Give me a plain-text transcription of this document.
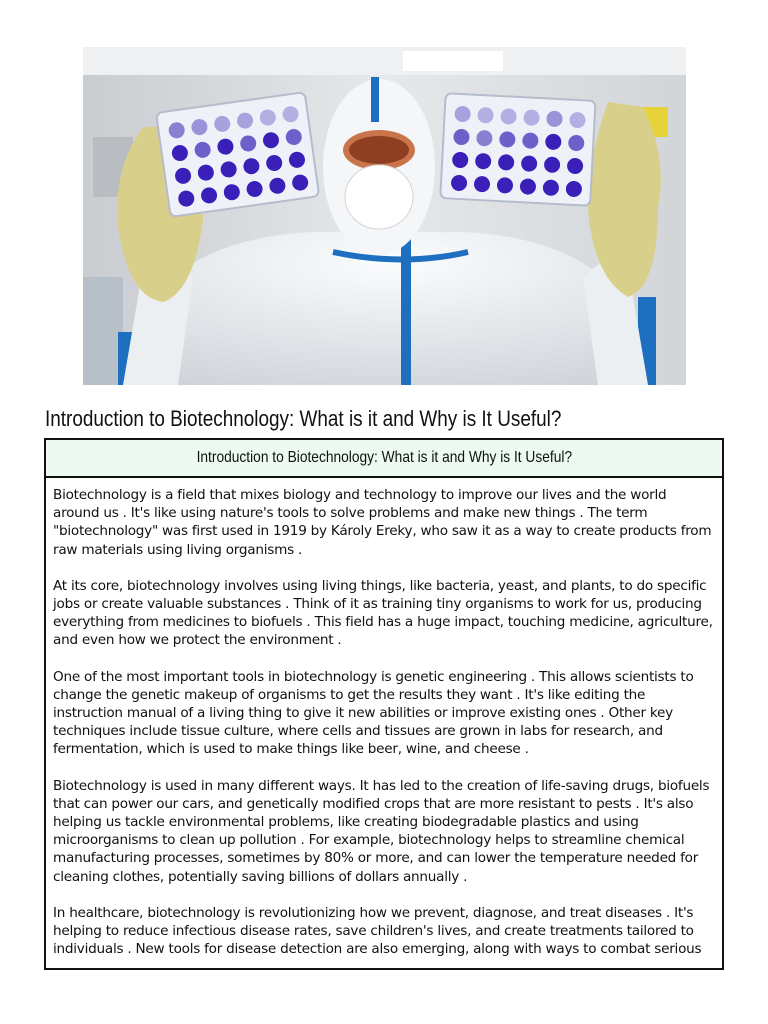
Introduction to Biotechnology: What is it and Why is It Useful?
Introduction to Biotechnology: What is it and Why is It Useful?

Biotechnology is a field that mixes biology and technology to improve our lives and the world around us . It's like using nature's tools to solve problems and make new things . The term "biotechnology" was first used in 1919 by Károly Ereky, who saw it as a way to create products from raw materials using living organisms .

At its core, biotechnology involves using living things, like bacteria, yeast, and plants, to do specific jobs or create valuable substances . Think of it as training tiny organisms to work for us, producing everything from medicines to biofuels . This field has a huge impact, touching medicine, agriculture, and even how we protect the environment .

One of the most important tools in biotechnology is genetic engineering . This allows scientists to change the genetic makeup of organisms to get the results they want . It's like editing the instruction manual of a living thing to give it new abilities or improve existing ones . Other key techniques include tissue culture, where cells and tissues are grown in labs for research, and fermentation, which is used to make things like beer, wine, and cheese .

Biotechnology is used in many different ways. It has led to the creation of life-saving drugs, biofuels that can power our cars, and genetically modified crops that are more resistant to pests . It's also helping us tackle environmental problems, like creating biodegradable plastics and using microorganisms to clean up pollution . For example, biotechnology helps to streamline chemical manufacturing processes, sometimes by 80% or more, and can lower the temperature needed for cleaning clothes, potentially saving billions of dollars annually .

In healthcare, biotechnology is revolutionizing how we prevent, diagnose, and treat diseases . It's helping to reduce infectious disease rates, save children's lives, and create treatments tailored to individuals . New tools for disease detection are also emerging, along with ways to combat serious
